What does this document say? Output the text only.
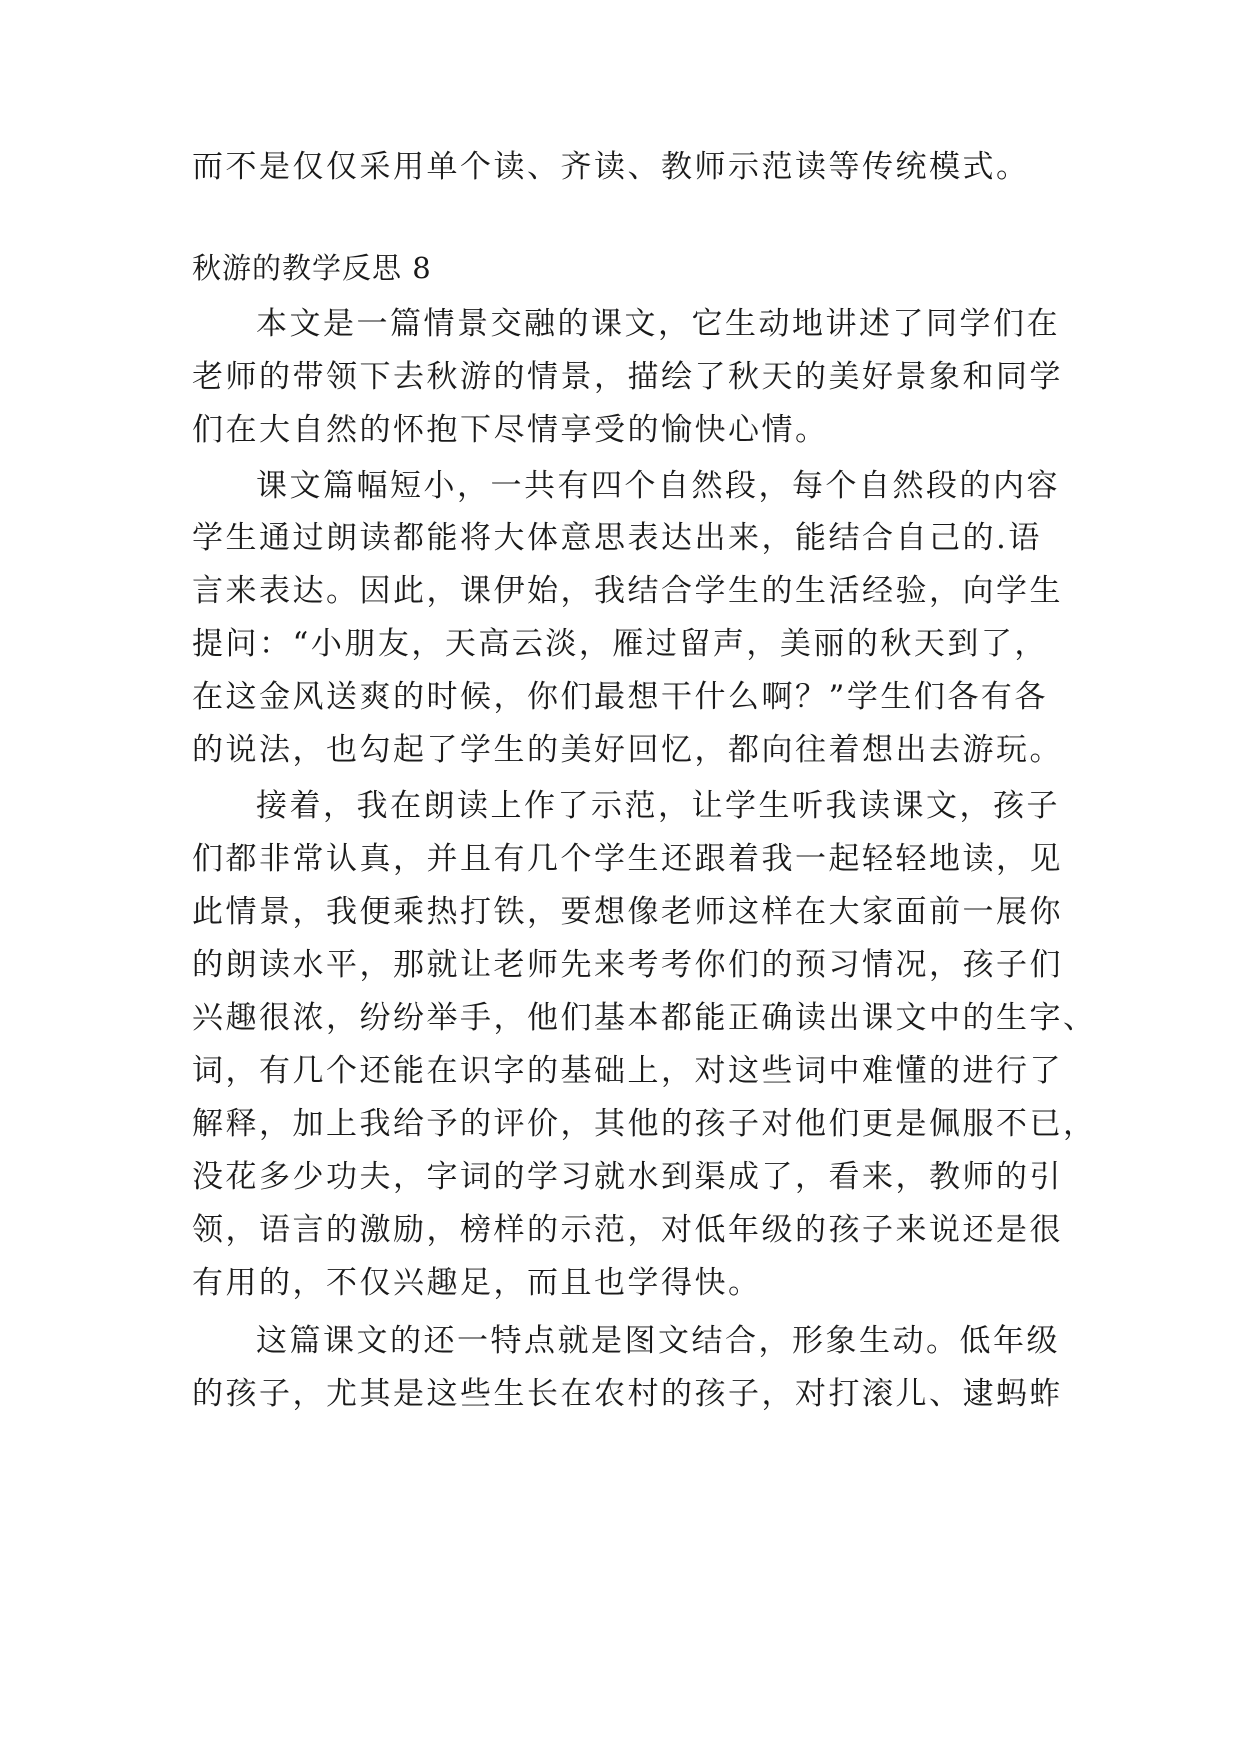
而不是仅仅采用单个读、齐读、教师示范读等传统模式。
秋游的教学反思 8
本文是一篇情景交融的课文，它生动地讲述了同学们在
老师的带领下去秋游的情景，描绘了秋天的美好景象和同学
们在大自然的怀抱下尽情享受的愉快心情。
课文篇幅短小，一共有四个自然段，每个自然段的内容
学生通过朗读都能将大体意思表达出来，能结合自己的.语
言来表达。因此，课伊始，我结合学生的生活经验，向学生
提问：“小朋友，天高云淡，雁过留声，美丽的秋天到了，
在这金风送爽的时候，你们最想干什么啊？”学生们各有各
的说法，也勾起了学生的美好回忆，都向往着想出去游玩。
接着，我在朗读上作了示范，让学生听我读课文，孩子
们都非常认真，并且有几个学生还跟着我一起轻轻地读，见
此情景，我便乘热打铁，要想像老师这样在大家面前一展你
的朗读水平，那就让老师先来考考你们的预习情况，孩子们
兴趣很浓，纷纷举手，他们基本都能正确读出课文中的生字、
词，有几个还能在识字的基础上，对这些词中难懂的进行了
解释，加上我给予的评价，其他的孩子对他们更是佩服不已，
没花多少功夫，字词的学习就水到渠成了，看来，教师的引
领，语言的激励，榜样的示范，对低年级的孩子来说还是很
有用的，不仅兴趣足，而且也学得快。
这篇课文的还一特点就是图文结合，形象生动。低年级
的孩子，尤其是这些生长在农村的孩子，对打滚儿、逮蚂蚱
